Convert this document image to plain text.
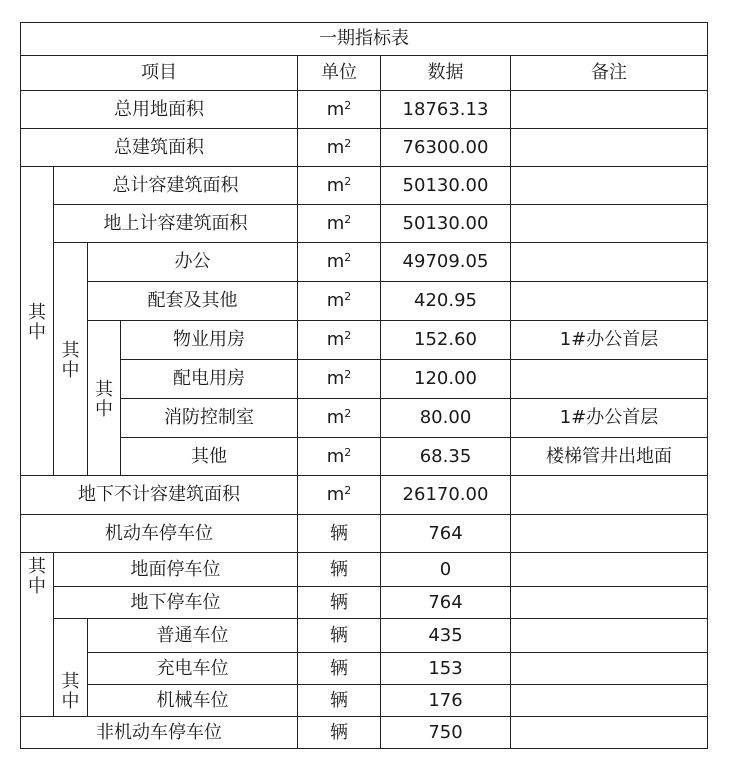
一期指标表						
项目				单位	数据	备注
总用地面积				$m^2$	18763.13	
总建筑面积				$m^2$	76300.00	
其中	总计容建筑面积			$m^2$	50130.00	
	地上计容建筑面积			$m^2$	50130.00	
	其中	办公		$m^2$	49709.05	
		配套及其他		$m^2$	420.95	
		其中	物业用房	$m^2$	152.60	1#办公首层
			配电用房	$m^2$	120.00	
			消防控制室	$m^2$	80.00	1#办公首层
			其他	$m^2$	68.35	楼梯管井出地面
地下不计容建筑面积				$m^2$	26170.00	
机动车停车位				辆	764	
其中	地面停车位			辆	0	
	地下停车位			辆	764	
	其中	普通车位		辆	435	
		充电车位		辆	153	
		机械车位		辆	176	
非机动车停车位				辆	750	
